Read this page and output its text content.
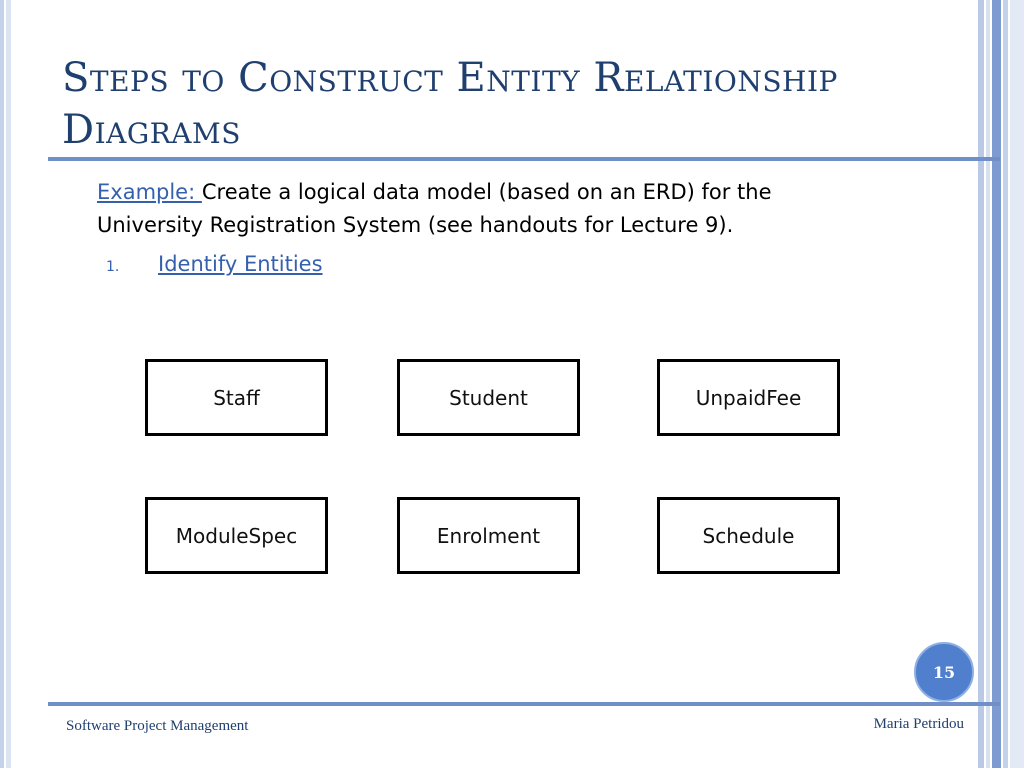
Steps to Construct Entity Relationship Diagrams
Example: Create a logical data model (based on an ERD) for the University Registration System (see handouts for Lecture 9).
1. Identify Entities
Staff	Student	UnpaidFee
ModuleSpec	Enrolment	Schedule
15
Software Project Management	Maria Petridou
